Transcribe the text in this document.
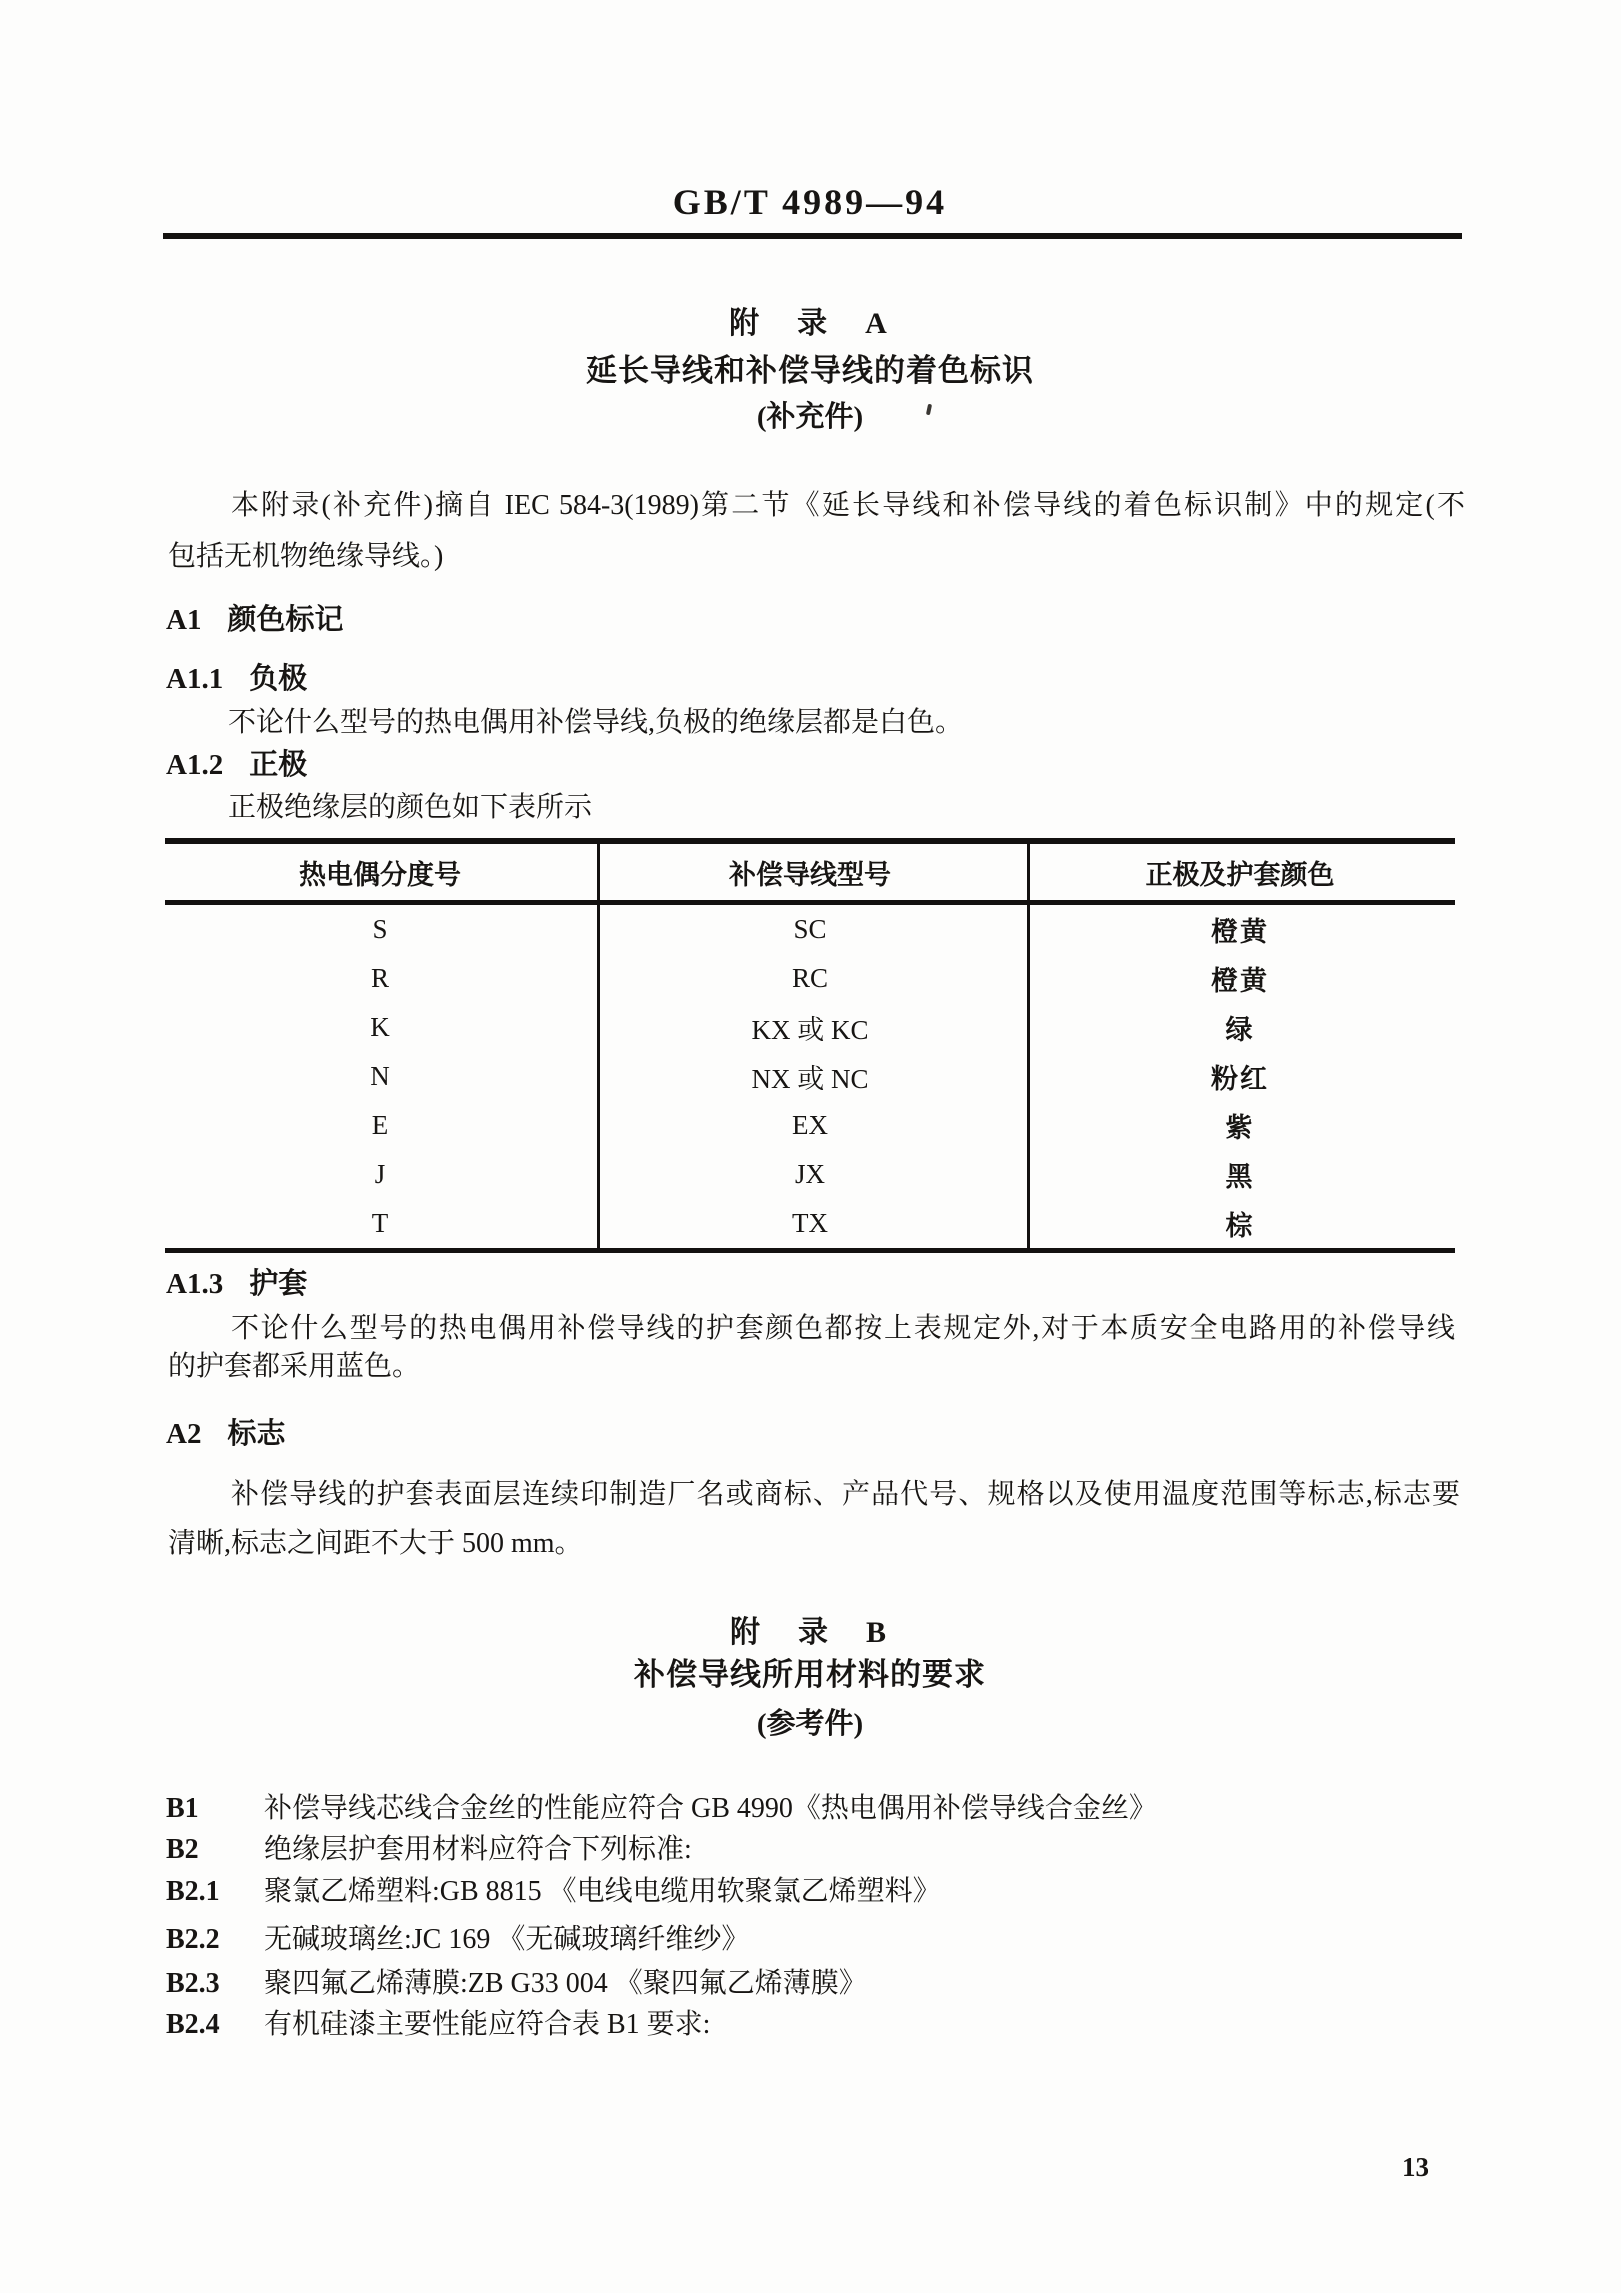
GB/T 4989—94
附　录　A
延长导线和补偿导线的着色标识
(补充件)
本附录(补充件)摘自 IEC 584-3(1989)第二节《延长导线和补偿导线的着色标识制》中的规定(不
包括无机物绝缘导线。)
A1 颜色标记
A1.1 负极
不论什么型号的热电偶用补偿导线,负极的绝缘层都是白色。
A1.2 正极
正极绝缘层的颜色如下表所示
热电偶分度号	补偿导线型号	正极及护套颜色
S	SC	橙黄
R	RC	橙黄
K	KX 或 KC	绿
N	NX 或 NC	粉红
E	EX	紫
J	JX	黑
T	TX	棕
A1.3 护套
不论什么型号的热电偶用补偿导线的护套颜色都按上表规定外,对于本质安全电路用的补偿导线
的护套都采用蓝色。
A2 标志
补偿导线的护套表面层连续印制造厂名或商标、产品代号、规格以及使用温度范围等标志,标志要
清晰,标志之间距不大于 500 mm。
附　录　B
补偿导线所用材料的要求
(参考件)
B1	补偿导线芯线合金丝的性能应符合 GB 4990《热电偶用补偿导线合金丝》
B2	绝缘层护套用材料应符合下列标准:
B2.1	聚氯乙烯塑料:GB 8815 《电线电缆用软聚氯乙烯塑料》
B2.2	无碱玻璃丝:JC 169 《无碱玻璃纤维纱》
B2.3	聚四氟乙烯薄膜:ZB G33 004 《聚四氟乙烯薄膜》
B2.4	有机硅漆主要性能应符合表 B1 要求:
13
